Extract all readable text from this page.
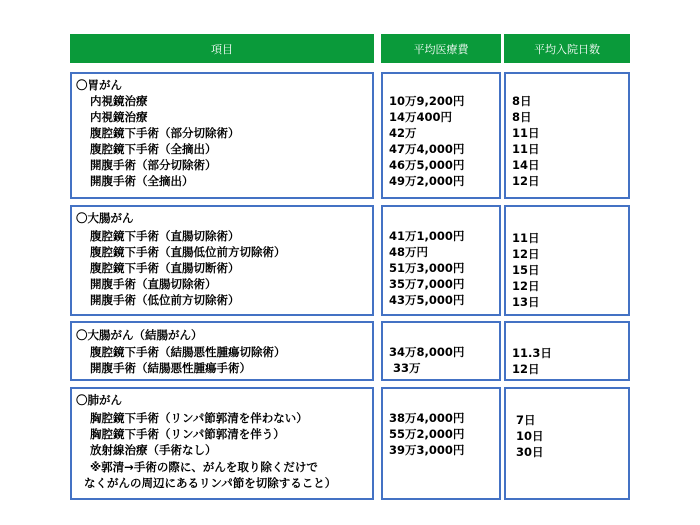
項目	平均医療費	平均入院日数
〇胃がん
内視鏡治療
内視鏡治療
腹腔鏡下手術（部分切除術）
腹腔鏡下手術（全摘出）
開腹手術（部分切除術）
開腹手術（全摘出）
10万9,200円
14万400円
42万
47万4,000円
46万5,000円
49万2,000円
8日
8日
11日
11日
14日
12日
〇大腸がん
腹腔鏡下手術（直腸切除術）
腹腔鏡下手術（直腸低位前方切除術）
腹腔鏡下手術（直腸切断術）
開腹手術（直腸切除術）
開腹手術（低位前方切除術）
41万1,000円
48万円
51万3,000円
35万7,000円
43万5,000円
11日
12日
15日
12日
13日
〇大腸がん（結腸がん）
腹腔鏡下手術（結腸悪性腫瘍切除術）
開腹手術（結腸悪性腫瘍手術）
34万8,000円
33万
11.3日
12日
〇肺がん
胸腔鏡下手術（リンパ節郭清を伴わない）
胸腔鏡下手術（リンパ節郭清を伴う）
放射線治療（手術なし）
※郭清→手術の際に、がんを取り除くだけで
なくがんの周辺にあるリンパ節を切除すること）
38万4,000円
55万2,000円
39万3,000円
7日
10日
30日
